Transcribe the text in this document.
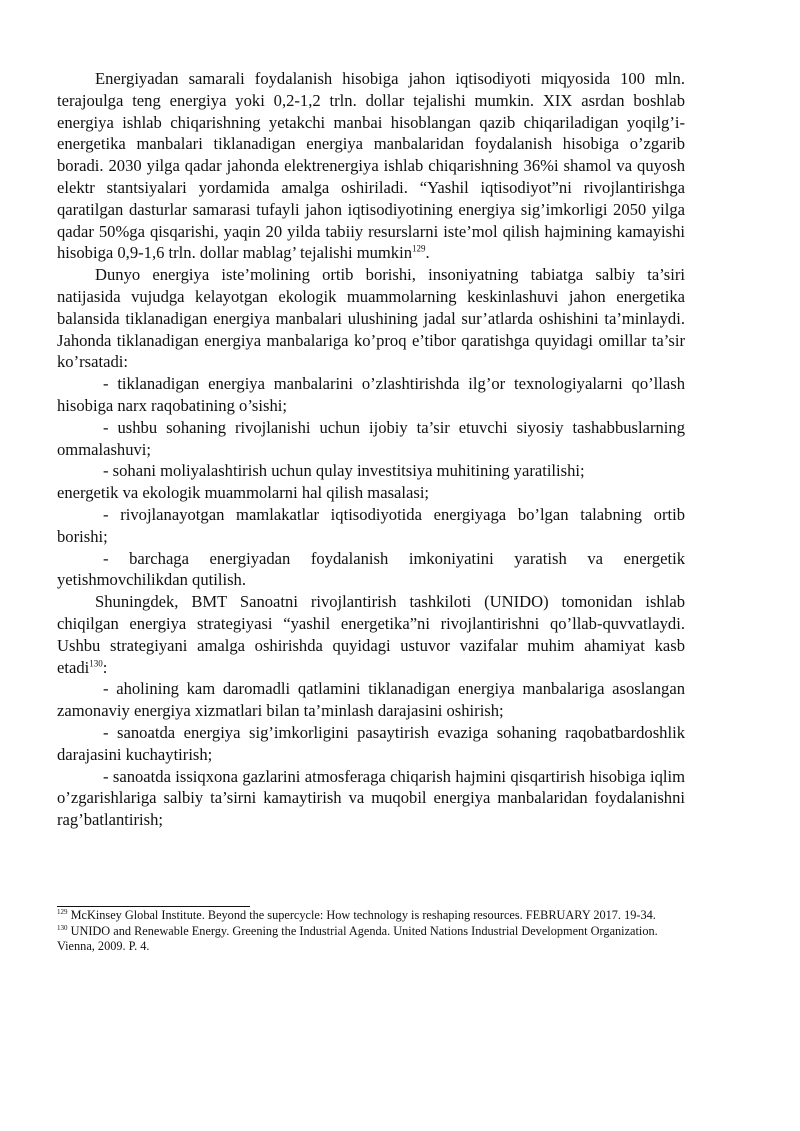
Energiyadan samarali foydalanish hisobiga jahon iqtisodiyoti miqyosida 100 mln. terajoulga teng energiya yoki 0,2-1,2 trln. dollar tejalishi mumkin. XIX asrdan boshlab energiya ishlab chiqarishning yetakchi manbai hisoblangan qazib chiqariladigan yoqilg’i-energetika manbalari tiklanadigan energiya manbalaridan foydalanish hisobiga o’zgarib boradi. 2030 yilga qadar jahonda elektrenergiya ishlab chiqarishning 36%i shamol va quyosh elektr stantsiyalari yordamida amalga oshiriladi. “Yashil iqtisodiyot”ni rivojlantirishga qaratilgan dasturlar samarasi tufayli jahon iqtisodiyotining energiya sig’imkorligi 2050 yilga qadar 50%ga qisqarishi, yaqin 20 yilda tabiiy resurslarni iste’mol qilish hajmining kamayishi hisobiga 0,9-1,6 trln. dollar mablag’ tejalishi mumkin$^{129}$.

Dunyo energiya iste’molining ortib borishi, insoniyatning tabiatga salbiy ta’siri natijasida vujudga kelayotgan ekologik muammolarning keskinlashuvi jahon energetika balansida tiklanadigan energiya manbalari ulushining jadal sur’atlarda oshishini ta’minlaydi. Jahonda tiklanadigan energiya manbalariga ko’proq e’tibor qaratishga quyidagi omillar ta’sir ko’rsatadi:

- tiklanadigan energiya manbalarini o’zlashtirishda ilg’or texnologiyalarni qo’llash hisobiga narx raqobatining o’sishi;

- ushbu sohaning rivojlanishi uchun ijobiy ta’sir etuvchi siyosiy tashabbuslarning ommalashuvi;

- sohani moliyalashtirish uchun qulay investitsiya muhitining yaratilishi;

energetik va ekologik muammolarni hal qilish masalasi;

- rivojlanayotgan mamlakatlar iqtisodiyotida energiyaga bo’lgan talabning ortib borishi;

- barchaga energiyadan foydalanish imkoniyatini yaratish va energetik yetishmovchilikdan qutilish.

Shuningdek, BMT Sanoatni rivojlantirish tashkiloti (UNIDO) tomonidan ishlab chiqilgan energiya strategiyasi “yashil energetika”ni rivojlantirishni qo’llab-quvvatlaydi. Ushbu strategiyani amalga oshirishda quyidagi ustuvor vazifalar muhim ahamiyat kasb etadi$^{130}$:

- aholining kam daromadli qatlamini tiklanadigan energiya manbalariga asoslangan zamonaviy energiya xizmatlari bilan ta’minlash darajasini oshirish;

- sanoatda energiya sig’imkorligini pasaytirish evaziga sohaning raqobatbardoshlik darajasini kuchaytirish;

- sanoatda issiqxona gazlarini atmosferaga chiqarish hajmini qisqartirish hisobiga iqlim o’zgarishlariga salbiy ta’sirni kamaytirish va muqobil energiya manbalaridan foydalanishni rag’batlantirish;

$^{129}$ McKinsey Global Institute. Beyond the supercycle: How technology is reshaping resources. FEBRUARY 2017. 19-34.

$^{130}$ UNIDO and Renewable Energy. Greening the Industrial Agenda. United Nations Industrial Development Organization. Vienna, 2009. P. 4.
